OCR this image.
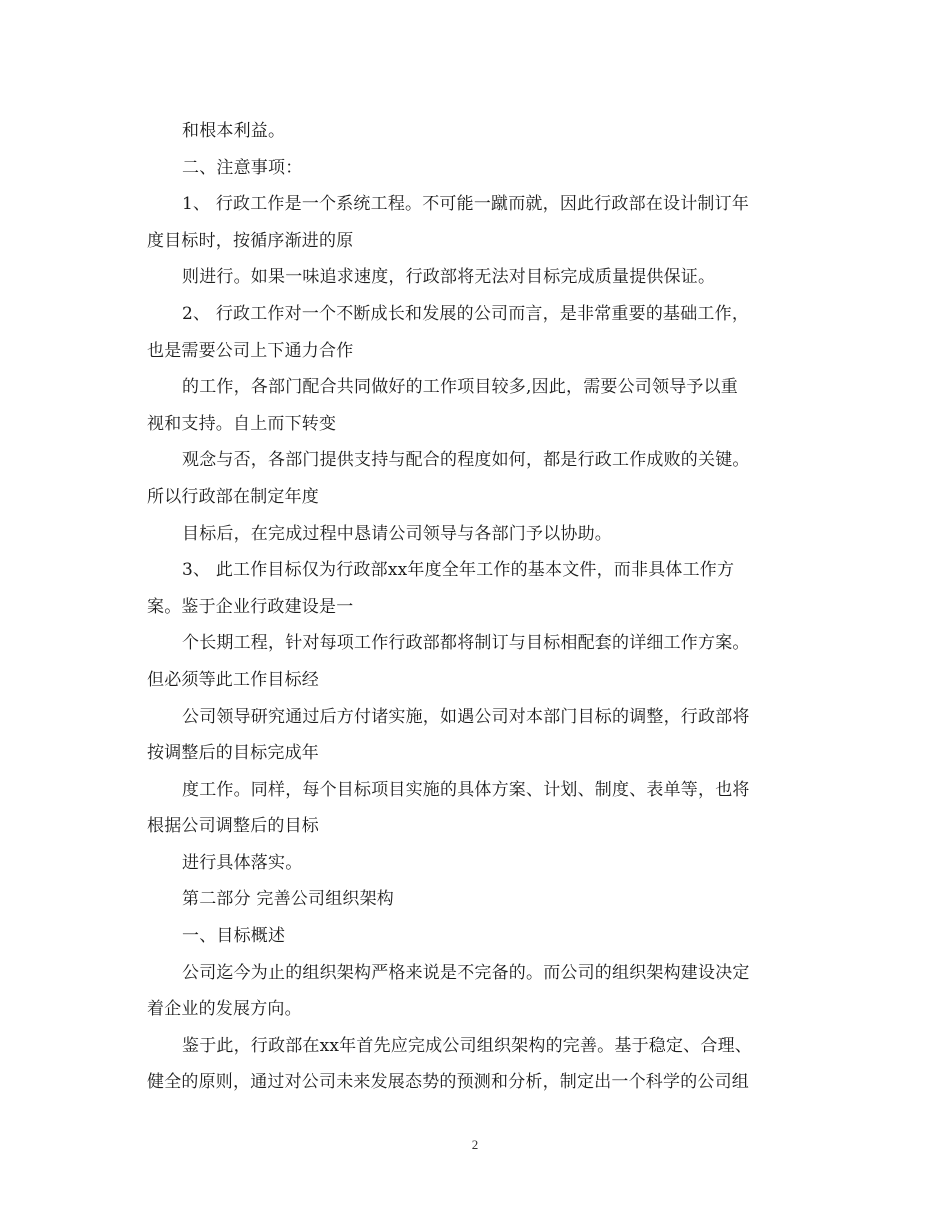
和根本利益。
二、注意事项：
1、 行政工作是一个系统工程。不可能一蹴而就，因此行政部在设计制订年
度目标时，按循序渐进的原
则进行。如果一味追求速度，行政部将无法对目标完成质量提供保证。
2、 行政工作对一个不断成长和发展的公司而言，是非常重要的基础工作，
也是需要公司上下通力合作
的工作，各部门配合共同做好的工作项目较多,因此，需要公司领导予以重
视和支持。自上而下转变
观念与否，各部门提供支持与配合的程度如何，都是行政工作成败的关键。
所以行政部在制定年度
目标后，在完成过程中恳请公司领导与各部门予以协助。
3、 此工作目标仅为行政部xx年度全年工作的基本文件，而非具体工作方
案。鉴于企业行政建设是一
个长期工程，针对每项工作行政部都将制订与目标相配套的详细工作方案。
但必须等此工作目标经
公司领导研究通过后方付诸实施，如遇公司对本部门目标的调整，行政部将
按调整后的目标完成年
度工作。同样，每个目标项目实施的具体方案、计划、制度、表单等，也将
根据公司调整后的目标
进行具体落实。
第二部分 完善公司组织架构
一、目标概述
公司迄今为止的组织架构严格来说是不完备的。而公司的组织架构建设决定
着企业的发展方向。
鉴于此，行政部在xx年首先应完成公司组织架构的完善。基于稳定、合理、
健全的原则，通过对公司未来发展态势的预测和分析，制定出一个科学的公司组
2
